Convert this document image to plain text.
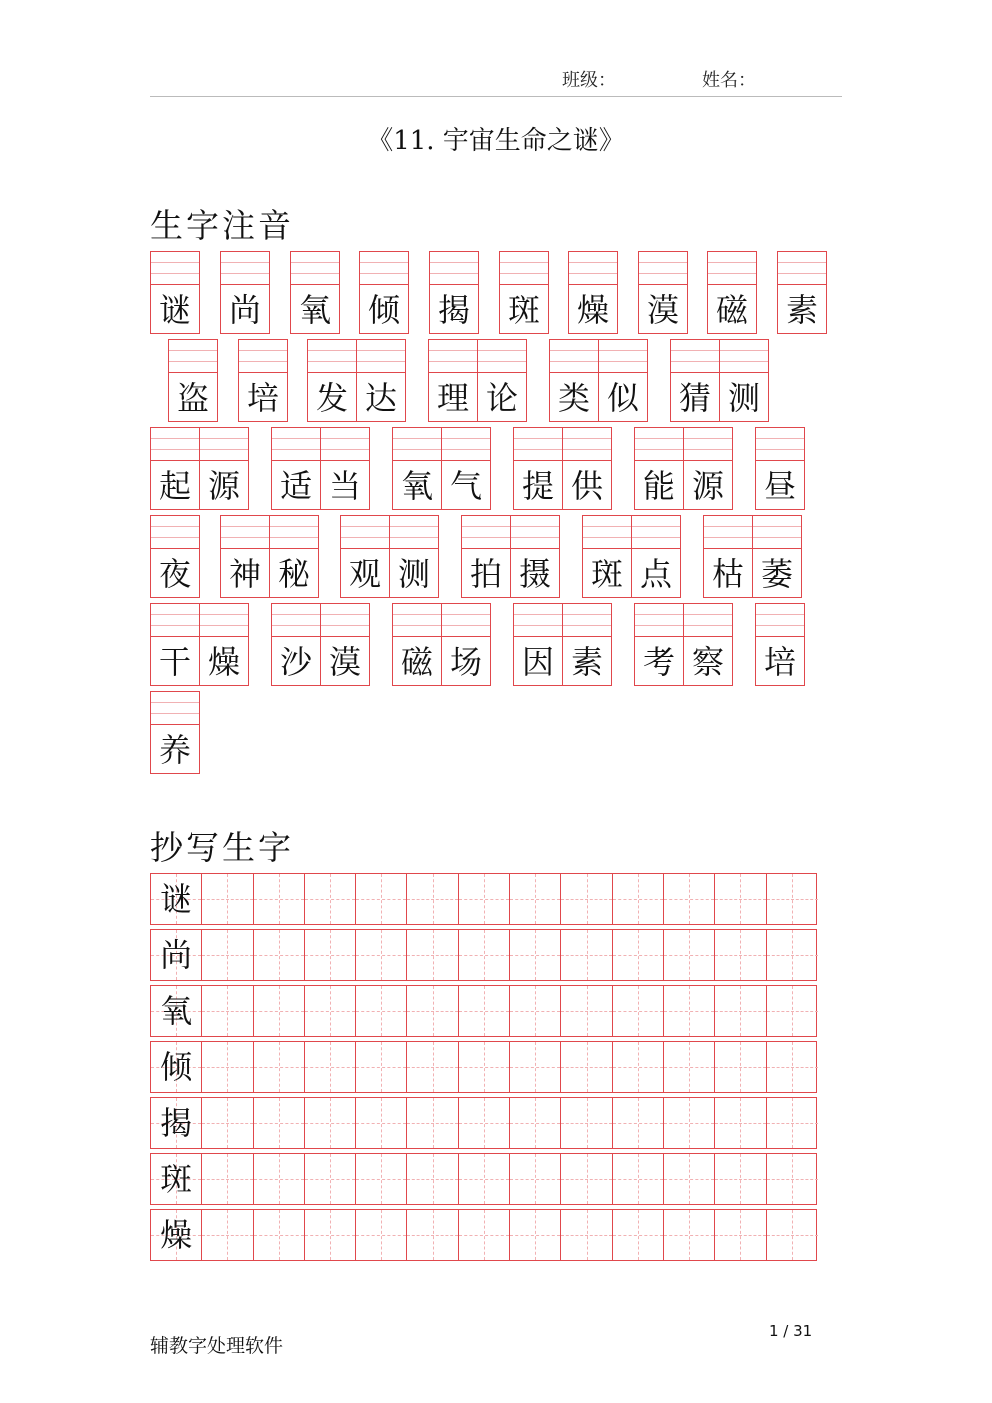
班级：	姓名：
《11. 宇宙生命之谜》
生字注音
谜 尚 氧 倾 揭 斑 燥 漠 磁 素
盗 培 发 达 理 论 类 似 猜 测
起 源 适 当 氧 气 提 供 能 源 昼
夜 神 秘 观 测 拍 摄 斑 点 枯 萎
干 燥 沙 漠 磁 场 因 素 考 察 培
养
抄写生字
谜
尚
氧
倾
揭
斑
燥
辅教字处理软件
1 / 31
